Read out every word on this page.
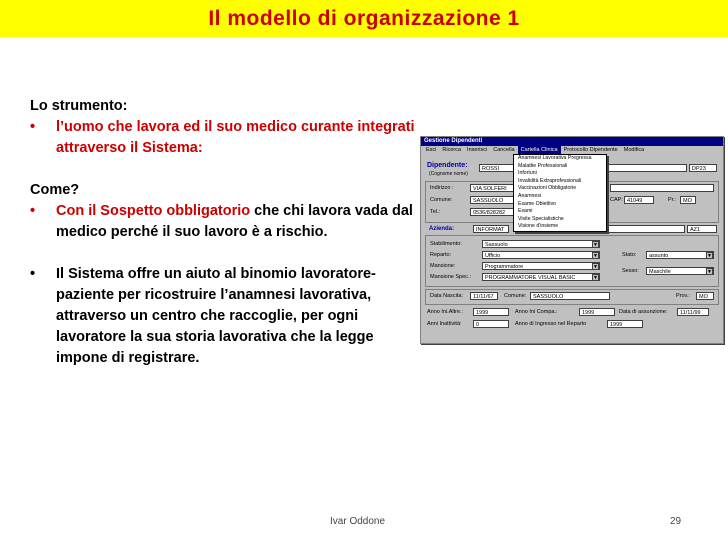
Il modello di organizzazione 1
Lo strumento:
•	l’uomo che lavora ed il suo medico curante integrati attraverso il Sistema:
Come?
•	Con il Sospetto obbligatorio che chi lavora vada dal medico perché il suo lavoro è a rischio.
•	Il Sistema offre un aiuto al binomio lavoratore-paziente per ricostruire l’anamnesi lavorativa, attraverso un centro che raccoglie, per ogni lavoratore la sua storia lavorativa che la legge impone di registrare.
Gestione Dipendenti
Esci	Ricerca	Inserisci	Cancella	Cartella Clinica	Protocollo Dipendente	Modifica
Dipendente:
(Cognome nome)
ROSSI	DP23
Indirizzo :	VIA SOLFERI
Comune:	SASSUOLO	CAP: 41049	Pr.:	MO
Tel.:	0536/828282
Azienda:	INFORMAT	AZ1
Stabilimento:	Sassuolo	▼
Reparto:	Ufficio	▼
Mansione:	Programmatore	▼
Mansione Spec.:	PROGRAMMATORE VISUAL BASIC	▼
Stato:	assunto	▼
Sesso:	Maschile	▼
Data Nascita:	11/11/67	Comune:	SASSUOLO	Prov.:	MO
Anno Ini.Altre.:	1999	Anno Ini Compa.:	1999	Data di assunzione:	11/11/99
Anni Inattività:	0	Anno di Ingresso nel Reparto	1999
Anamnesi Lavorativa Pregressa
Malattie Professionali
Infortuni
Invalidità Extraprofessionali
Vaccinazioni Obbligatorie
Anamnesi
Esame Obiettivo
Esami
Visite Specialistiche
Visione d'insieme
Ivar Oddone	29
